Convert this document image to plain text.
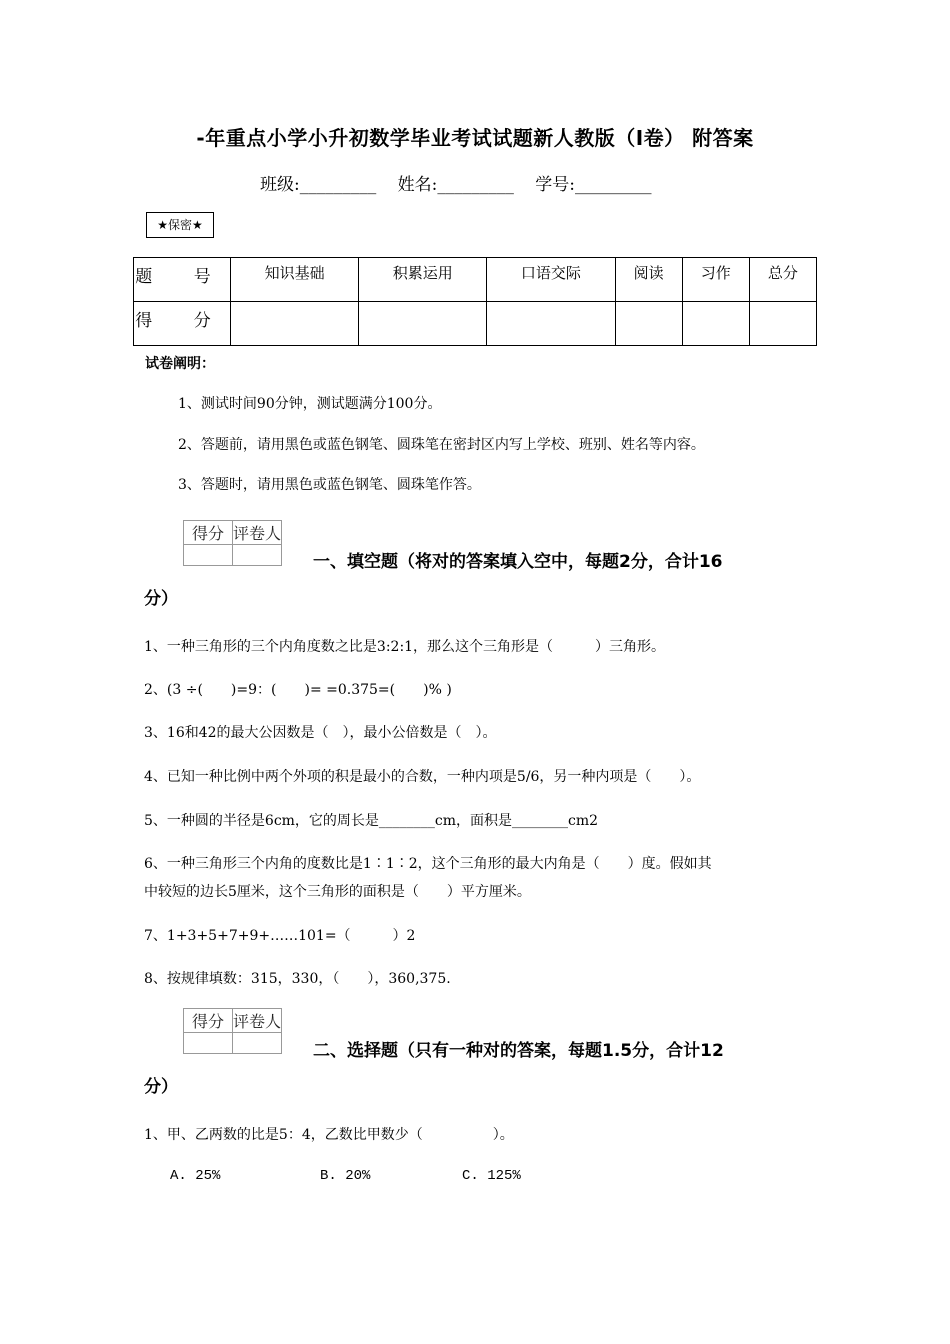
-年重点小学小升初数学毕业考试试题新人教版（I卷） 附答案
班级:_________ 姓名:_________ 学号:_________
★保密★
题 号	知识基础	积累运用	口语交际	阅读	习作	总分
得 分						
试卷阐明：
1、测试时间90分钟，测试题满分100分。
2、答题前，请用黑色或蓝色钢笔、圆珠笔在密封区内写上学校、班别、姓名等内容。
3、答题时，请用黑色或蓝色钢笔、圆珠笔作答。
得分	评卷人

一、填空题（将对的答案填入空中，每题2分，合计16
分）
1、一种三角形的三个内角度数之比是3:2:1，那么这个三角形是（　　　）三角形。
2、(3 ÷(　　)=9：(　　)= =0.375=(　　)% )
3、16和42的最大公因数是（　），最小公倍数是（　）。
4、已知一种比例中两个外项的积是最小的合数，一种内项是5/6，另一种内项是（　　）。
5、一种圆的半径是6cm，它的周长是________cm，面积是________cm2
6、一种三角形三个内角的度数比是1∶1∶2，这个三角形的最大内角是（　　）度。假如其
中较短的边长5厘米，这个三角形的面积是（　　）平方厘米。
7、1+3+5+7+9+……101=（　　　）2
8、按规律填数：315，330，（　　），360,375.
得分	评卷人

二、选择题（只有一种对的答案，每题1.5分，合计12
分）
1、甲、乙两数的比是5：4，乙数比甲数少（　　　　　）。
A. 25%	B. 20%	C. 125%
